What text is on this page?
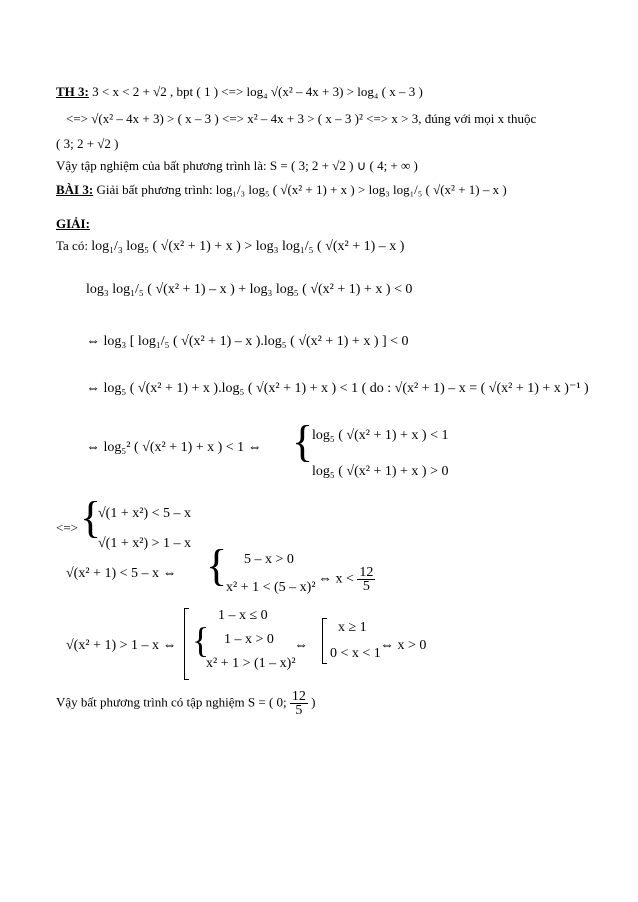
TH 3: 3 < x < 2 + √2 , bpt ( 1 ) <=> log₄ √(x² – 4x + 3) > log₄ ( x – 3 )
<=> √(x² – 4x + 3) > ( x – 3 ) <=> x² – 4x + 3 > ( x – 3 )² <=> x > 3, đúng với mọi x thuộc
( 3; 2 + √2 )
Vậy tập nghiệm của bất phương trình là: S = ( 3; 2 + √2 ) ∪ ( 4; + ∞ )
BÀI 3: Giải bất phương trình: log₁/₃ log₅ ( √(x² + 1) + x ) > log₃ log₁/₅ ( √(x² + 1) – x )
GIẢI:
Ta có: log₁/₃ log₅ ( √(x² + 1) + x ) > log₃ log₁/₅ ( √(x² + 1) – x )
log₃ log₁/₅ ( √(x² + 1) – x ) + log₃ log₅ ( √(x² + 1) + x ) < 0
⇔ log₃ [ log₁/₅ ( √(x² + 1) – x ).log₅ ( √(x² + 1) + x ) ] < 0
⇔ log₅ ( √(x² + 1) + x ).log₅ ( √(x² + 1) + x ) < 1 ( do : √(x² + 1) – x = ( √(x² + 1) + x )⁻¹ )
⇔ log₅² ( √(x² + 1) + x ) < 1 ⇔ {
log₅ ( √(x² + 1) + x ) < 1
log₅ ( √(x² + 1) + x ) > 0
<=> {
√(1 + x²) < 5 – x
√(1 + x²) > 1 – x
√(x² + 1) < 5 – x ⇔ { 5 – x > 0
x² + 1 < (5 – x)²
⇔ $x < \frac{12}{5}$
√(x² + 1) > 1 – x ⇔
1 – x ≤ 0
{ 1 – x > 0
x² + 1 > (1 – x)²
⇔
x ≥ 1
0 < x < 1
⇔ x > 0
Vậy bất phương trình có tập nghiệm S = ( 0; $\frac{12}{5}$ )
